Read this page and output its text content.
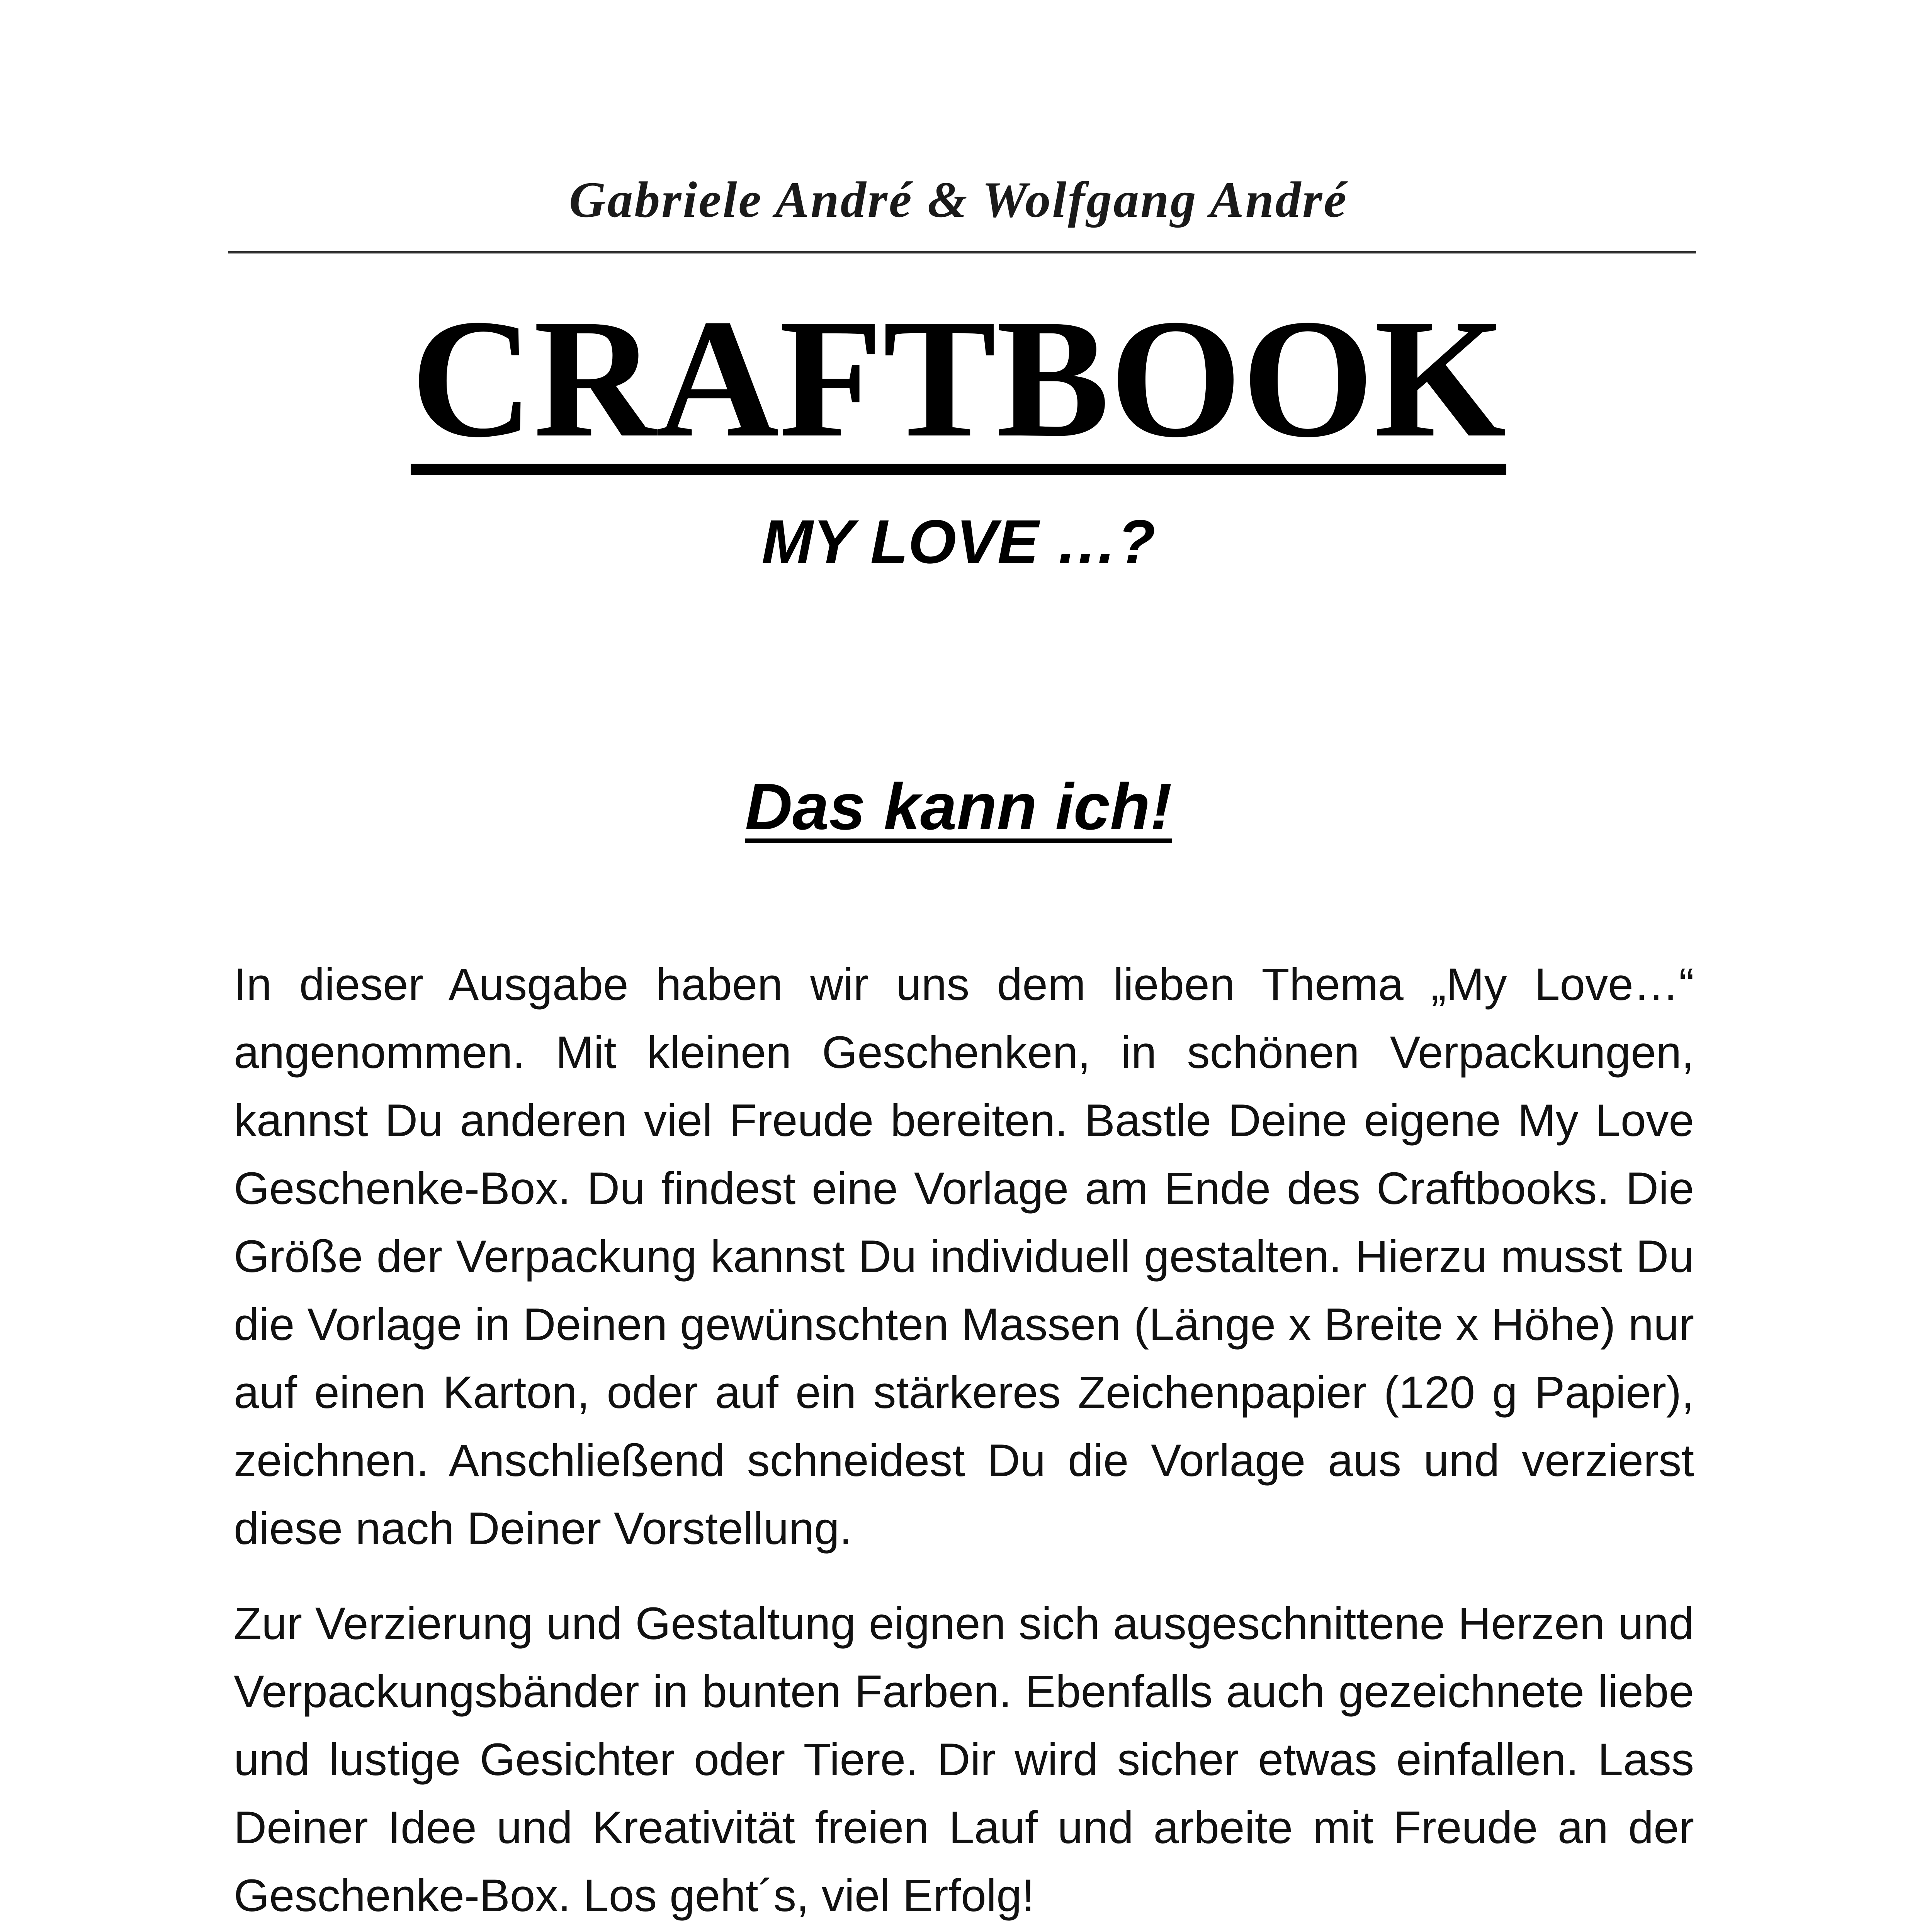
Gabriele André & Wolfgang André
CRAFTBOOK
MY LOVE …?
Das kann ich!

In dieser Ausgabe haben wir uns dem lieben Thema „My Love…“ angenommen. Mit kleinen Geschenken, in schönen Verpackungen, kannst Du anderen viel Freude bereiten. Bastle Deine eigene My Love Geschenke-Box. Du findest eine Vorlage am Ende des Craftbooks. Die Größe der Verpackung kannst Du individuell gestalten. Hierzu musst Du die Vorlage in Deinen gewünschten Massen (Länge x Breite x Höhe) nur auf einen Karton, oder auf ein stärkeres Zeichenpapier (120 g Papier), zeichnen. Anschließend schneidest Du die Vorlage aus und verzierst diese nach Deiner Vorstellung.

Zur Verzierung und Gestaltung eignen sich ausgeschnittene Herzen und Verpackungsbänder in bunten Farben. Ebenfalls auch gezeichnete liebe und lustige Gesichter oder Tiere. Dir wird sicher etwas einfallen. Lass Deiner Idee und Kreativität freien Lauf und arbeite mit Freude an der Geschenke-Box. Los geht´s, viel Erfolg!
